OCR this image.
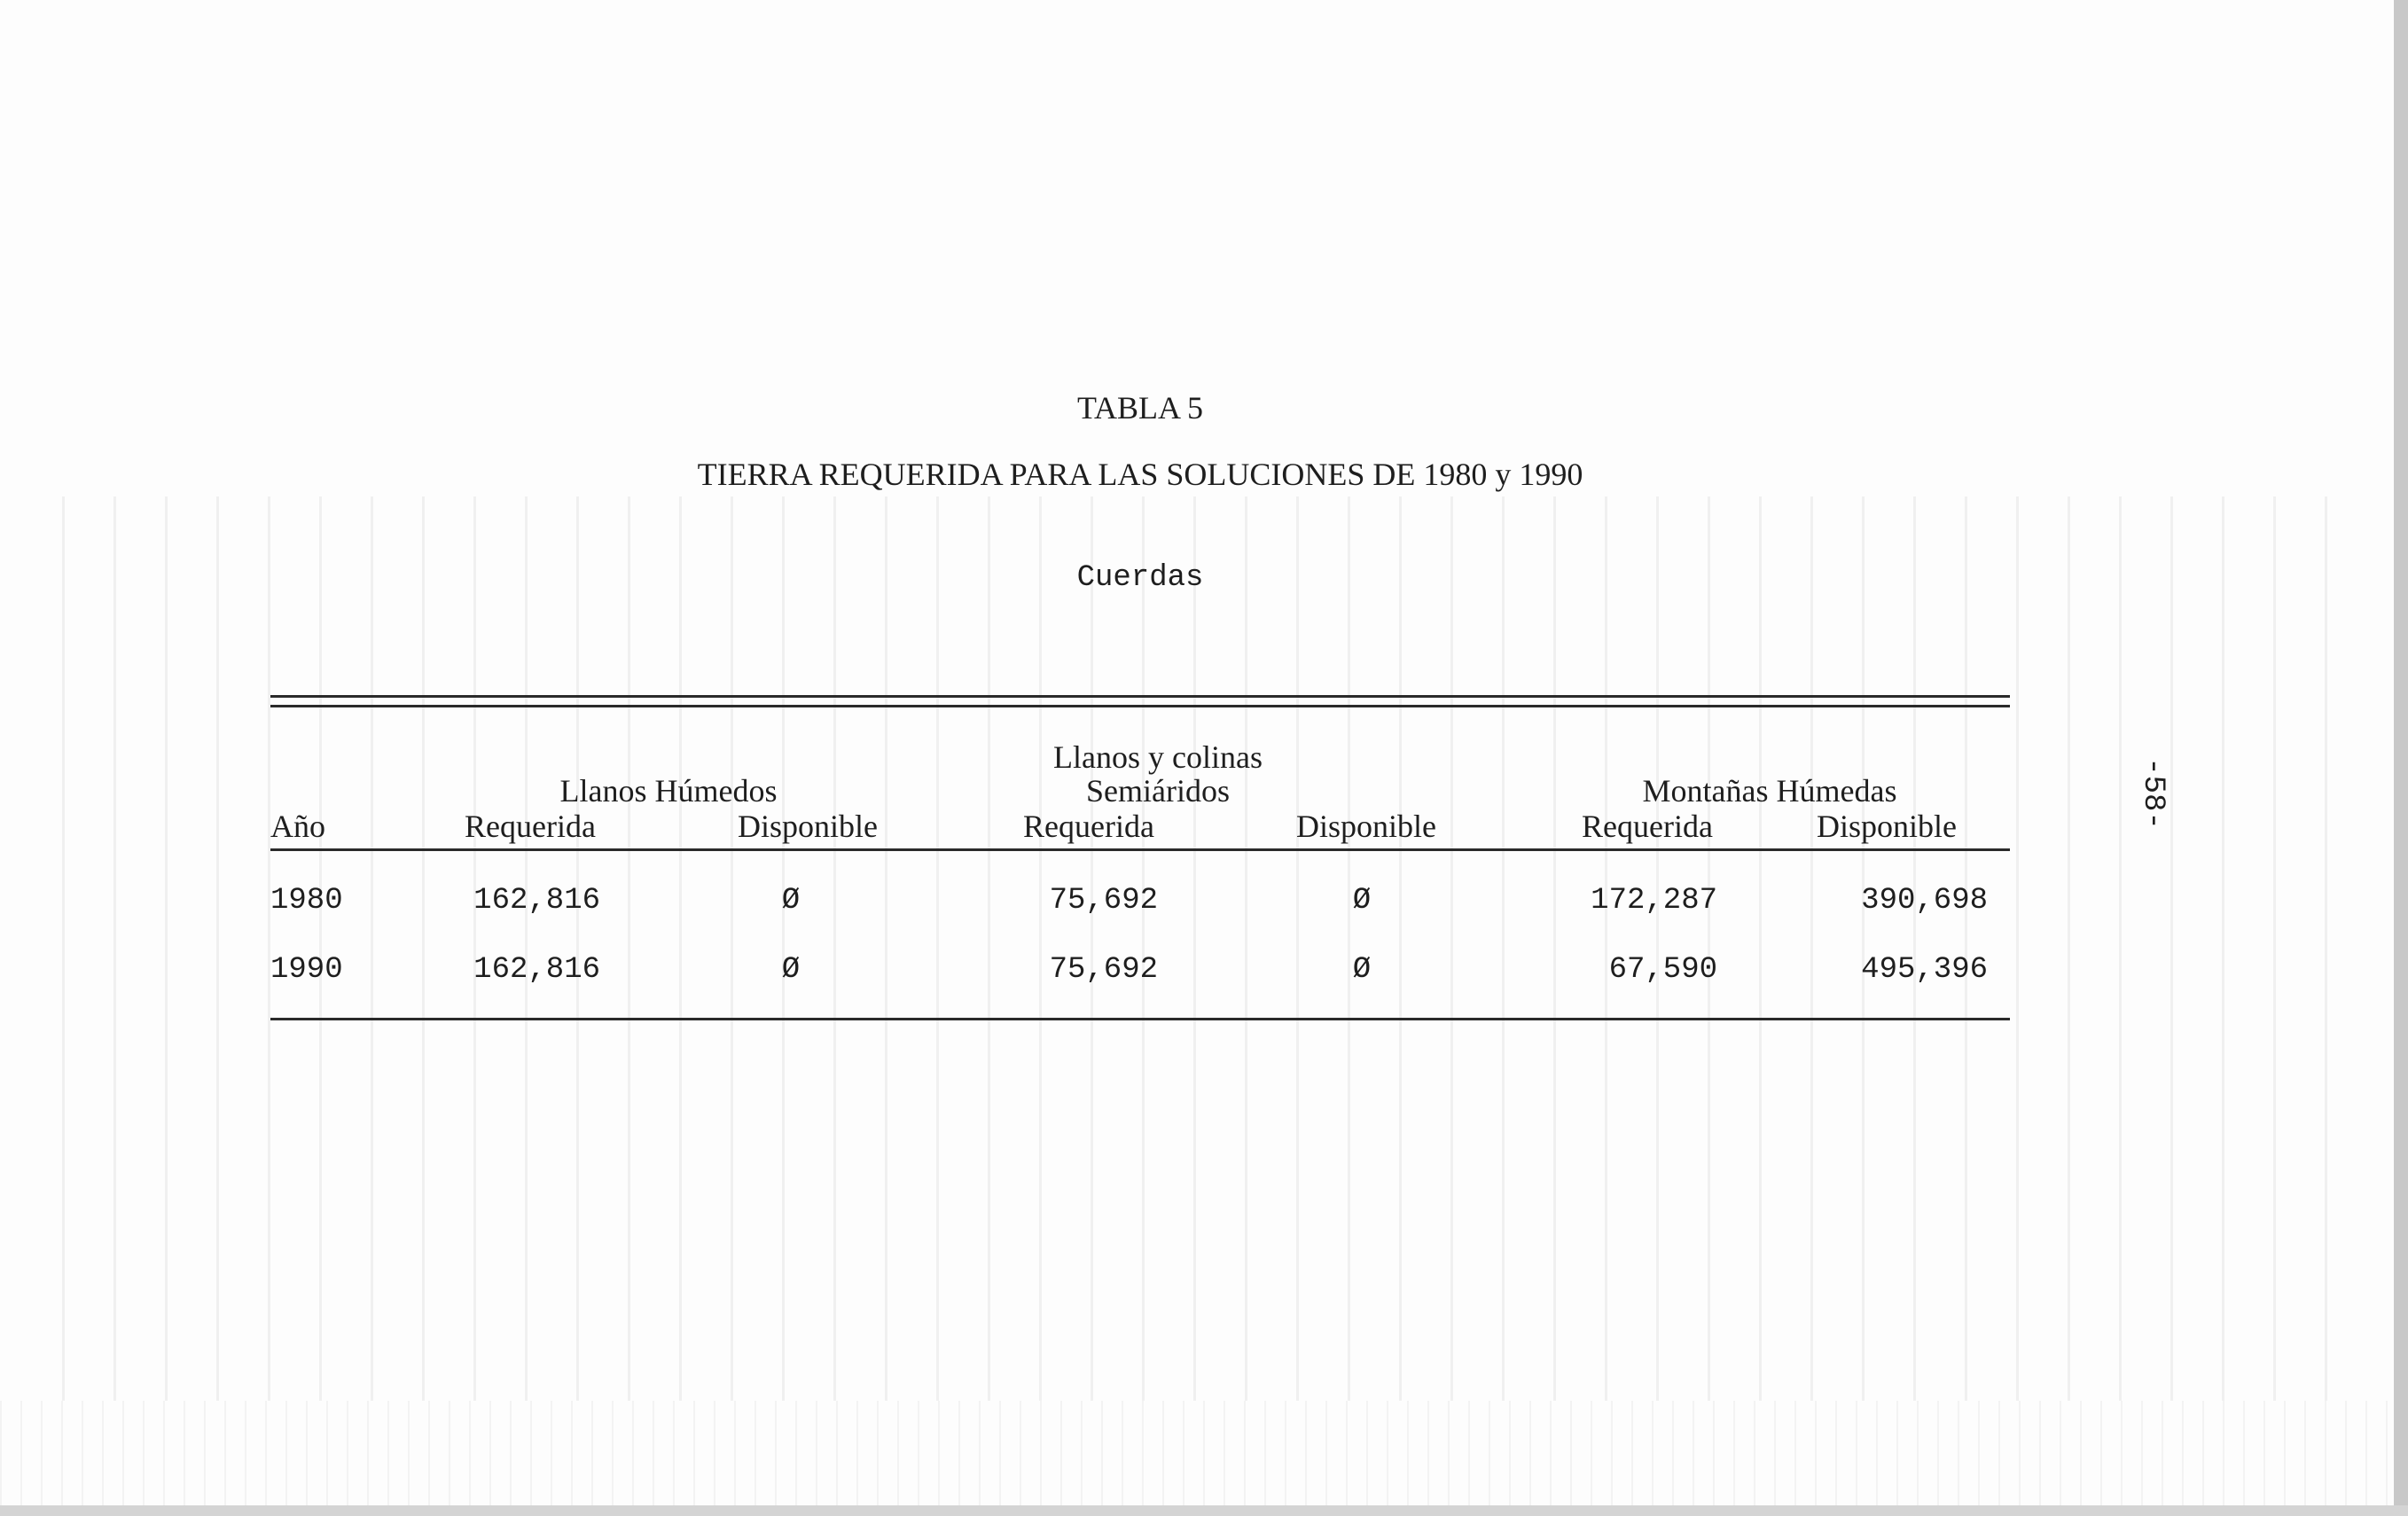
TABLA 5
TIERRA REQUERIDA PARA LAS SOLUCIONES DE 1980 y 1990
Cuerdas
Llanos y colinas
Llanos Húmedos	Semiáridos	Montañas Húmedas
Año	Requerida	Disponible	Requerida	Disponible	Requerida	Disponible
1980	162,816	Ø	75,692	Ø	172,287	390,698
1990	162,816	Ø	75,692	Ø	67,590	495,396
-58-
